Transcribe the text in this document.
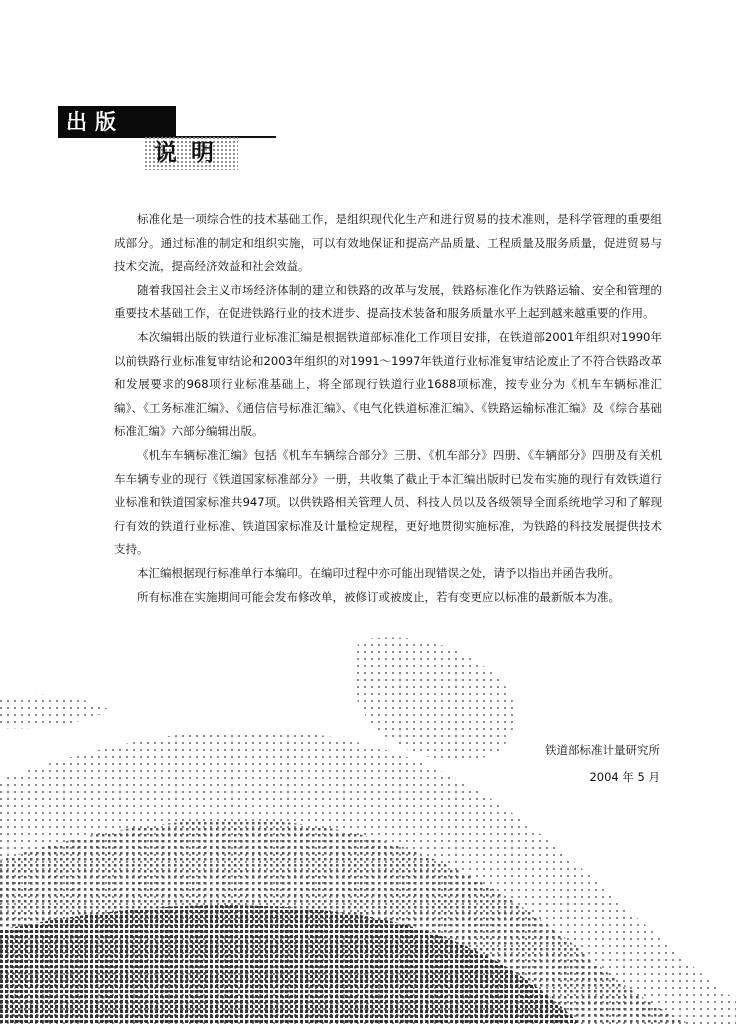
出版
说明

标准化是一项综合性的技术基础工作，是组织现代化生产和进行贸易的技术准则，是科学管理的重要组成部分。通过标准的制定和组织实施，可以有效地保证和提高产品质量、工程质量及服务质量，促进贸易与技术交流，提高经济效益和社会效益。

随着我国社会主义市场经济体制的建立和铁路的改革与发展，铁路标准化作为铁路运输、安全和管理的重要技术基础工作，在促进铁路行业的技术进步、提高技术装备和服务质量水平上起到越来越重要的作用。

本次编辑出版的铁道行业标准汇编是根据铁道部标准化工作项目安排，在铁道部2001年组织对1990年以前铁路行业标准复审结论和2003年组织的对1991～1997年铁道行业标准复审结论废止了不符合铁路改革和发展要求的968项行业标准基础上，将全部现行铁道行业1688项标准，按专业分为《机车车辆标准汇编》、《工务标准汇编》、《通信信号标准汇编》、《电气化铁道标准汇编》、《铁路运输标准汇编》及《综合基础标准汇编》六部分编辑出版。

《机车车辆标准汇编》包括《机车车辆综合部分》三册、《机车部分》四册、《车辆部分》四册及有关机车车辆专业的现行《铁道国家标准部分》一册，共收集了截止于本汇编出版时已发布实施的现行有效铁道行业标准和铁道国家标准共947项。以供铁路相关管理人员、科技人员以及各级领导全面系统地学习和了解现行有效的铁道行业标准、铁道国家标准及计量检定规程，更好地贯彻实施标准，为铁路的科技发展提供技术支持。

本汇编根据现行标准单行本编印。在编印过程中亦可能出现错误之处，请予以指出并函告我所。

所有标准在实施期间可能会发布修改单，被修订或被废止，若有变更应以标准的最新版本为准。

铁道部标准计量研究所
2004 年 5 月
